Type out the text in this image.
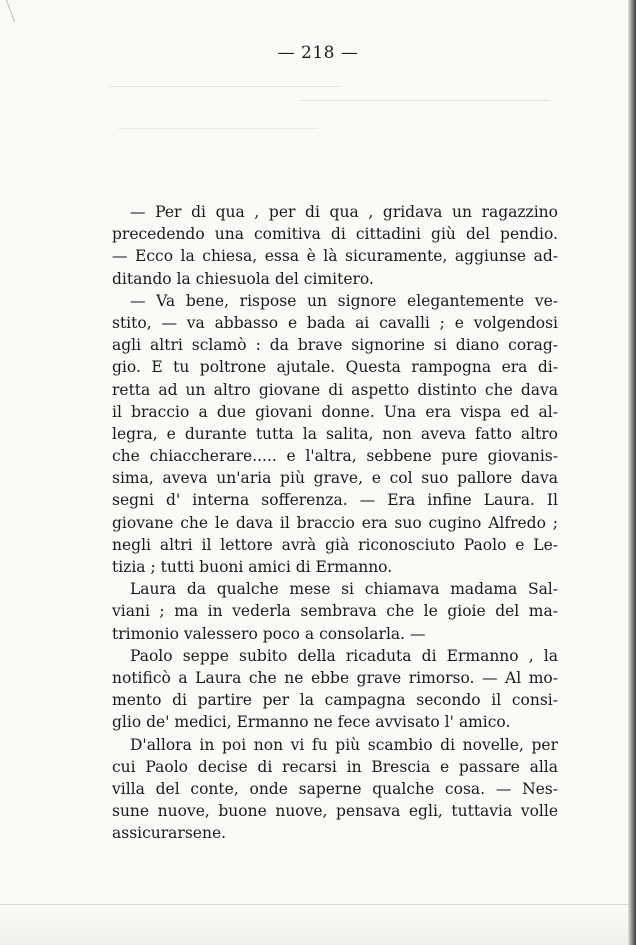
— 218 —
— Per di qua , per di qua , gridava un ragazzino
precedendo una comitiva di cittadini giù del pendio.
— Ecco la chiesa, essa è là sicuramente, aggiunse ad-
ditando la chiesuola del cimitero.
— Va bene, rispose un signore elegantemente ve-
stito, — va abbasso e bada ai cavalli ; e volgendosi
agli altri sclamò : da brave signorine si diano corag-
gio. E tu poltrone ajutale. Questa rampogna era di-
retta ad un altro giovane di aspetto distinto che dava
il braccio a due giovani donne. Una era vispa ed al-
legra, e durante tutta la salita, non aveva fatto altro
che chiaccherare..... e l'altra, sebbene pure giovanis-
sima, aveva un'aria più grave, e col suo pallore dava
segni d' interna sofferenza. — Era infine Laura. Il
giovane che le dava il braccio era suo cugino Alfredo ;
negli altri il lettore avrà già riconosciuto Paolo e Le-
tizia ; tutti buoni amici di Ermanno.
Laura da qualche mese si chiamava madama Sal-
viani ; ma in vederla sembrava che le gioie del ma-
trimonio valessero poco a consolarla. —
Paolo seppe subito della ricaduta di Ermanno , la
notificò a Laura che ne ebbe grave rimorso. — Al mo-
mento di partire per la campagna secondo il consi-
glio de' medici, Ermanno ne fece avvisato l' amico.
D'allora in poi non vi fu più scambio di novelle, per
cui Paolo decise di recarsi in Brescia e passare alla
villa del conte, onde saperne qualche cosa. — Nes-
sune nuove, buone nuove, pensava egli, tuttavia volle
assicurarsene.
